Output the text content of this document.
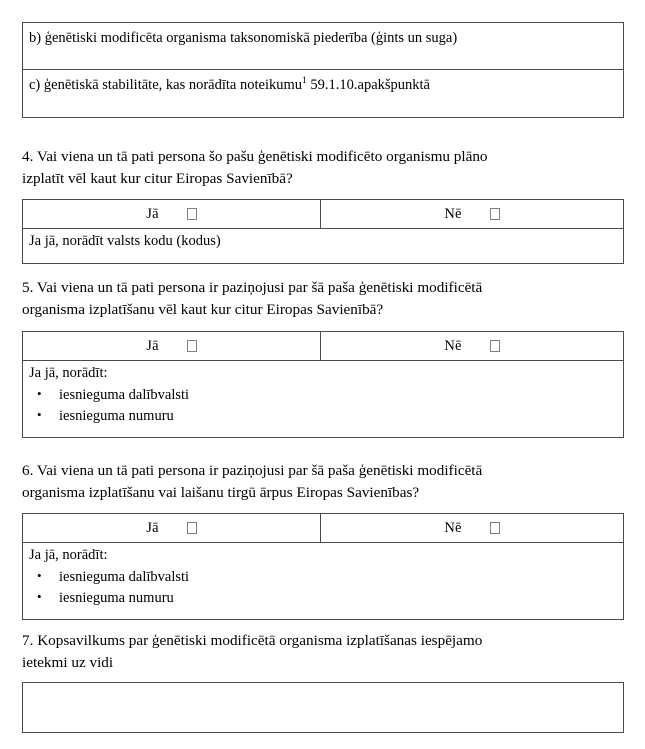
b) ģenētiski modificēta organisma taksonomiskā piederība (ģints un suga)
c) ģenētiskā stabilitāte, kas norādīta noteikumu$^1$ 59.1.10.apakšpunktā
4. Vai viena un tā pati persona šo pašu ģenētiski modificēto organismu plāno
izplatīt vēl kaut kur citur Eiropas Savienībā?
Jā	Nē
Ja jā, norādīt valsts kodu (kodus)
5. Vai viena un tā pati persona ir paziņojusi par šā paša ģenētiski modificētā
organisma izplatīšanu vēl kaut kur citur Eiropas Savienībā?
Jā	Nē
Ja jā, norādīt:
• iesnieguma dalībvalsti
• iesnieguma numuru
6. Vai viena un tā pati persona ir paziņojusi par šā paša ģenētiski modificētā
organisma izplatīšanu vai laišanu tirgū ārpus Eiropas Savienības?
Jā	Nē
Ja jā, norādīt:
• iesnieguma dalībvalsti
• iesnieguma numuru
7. Kopsavilkums par ģenētiski modificētā organisma izplatīšanas iespējamo
ietekmi uz vidi
